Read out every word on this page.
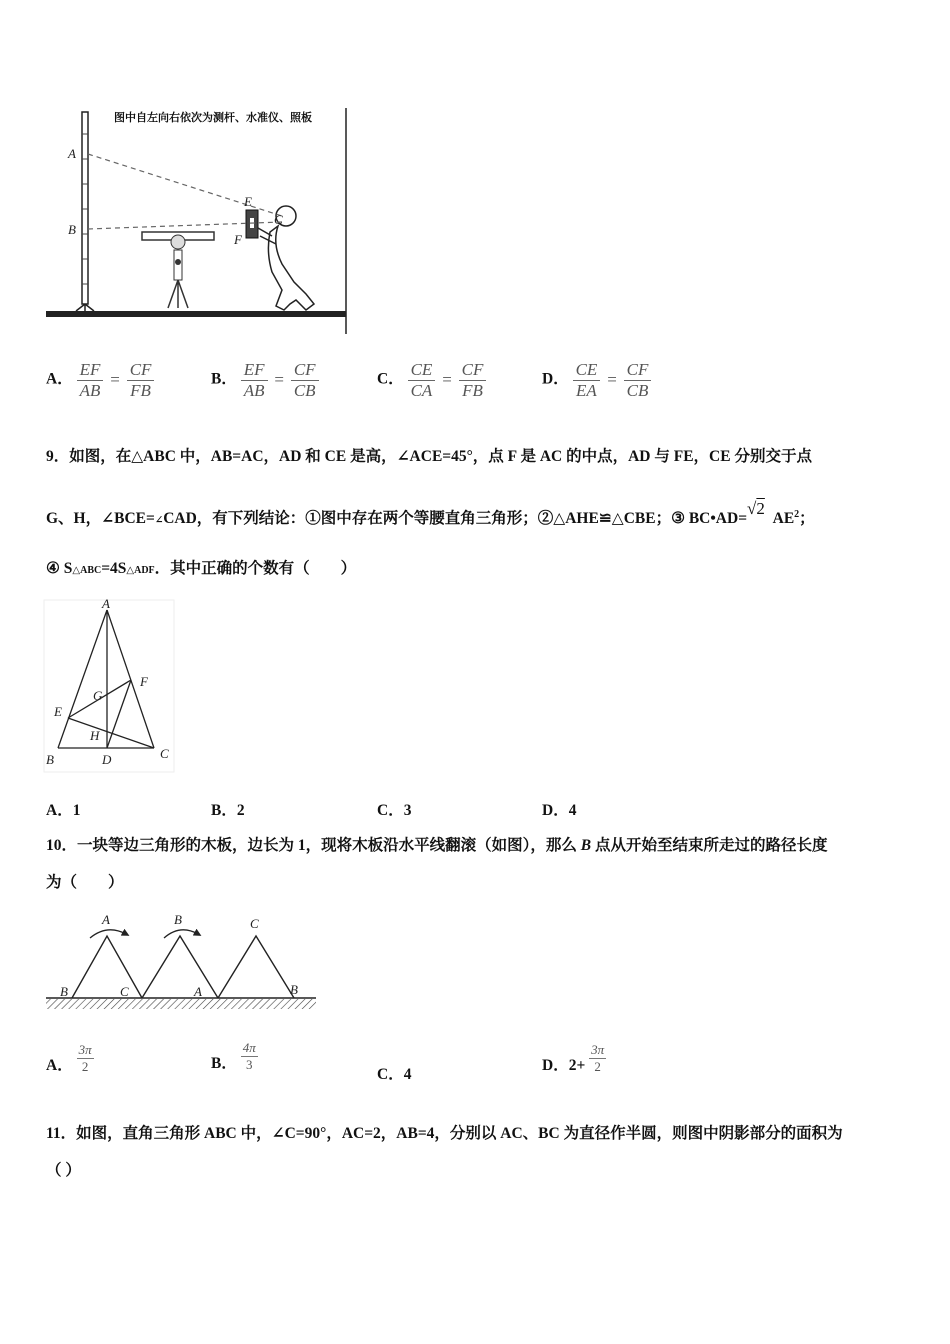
A
B
E
F
C
图中自左向右依次为测杆、水准仪、照板
A． $\frac{EF}{AB} = \frac{CF}{FB}$	B． $\frac{EF}{AB} = \frac{CF}{CB}$	C． $\frac{CE}{CA} = \frac{CF}{FB}$	D． $\frac{CE}{EA} = \frac{CF}{CB}$
9．如图，在△ABC 中，AB=AC，AD 和 CE 是高，∠ACE=45°，点 F 是 AC 的中点，AD 与 FE，CE 分别交于点
G、H，∠BCE=∠CAD，有下列结论：①图中存在两个等腰直角三角形；②△AHE≌△CBE；③ BC•AD=√2  $AE^2$；
④ S△ABC=4S△ADF．其中正确的个数有（　　）
A
B	C
D
E
F
G
H
A．1	B．2	C．3	D．4
10．一块等边三角形的木板，边长为 1，现将木板沿水平线翻滚（如图），那么 B 点从开始至结束所走过的路径长度
为（　　）
A	B	C
B	C	A	B
A． $\frac{3\pi}{2}$	B． $\frac{4\pi}{3}$
C．4
D．$2+ \frac{3\pi}{2}$
11．如图，直角三角形 ABC 中，∠C=90°，AC=2，AB=4，分别以 AC、BC 为直径作半圆，则图中阴影部分的面积为
（ ）
